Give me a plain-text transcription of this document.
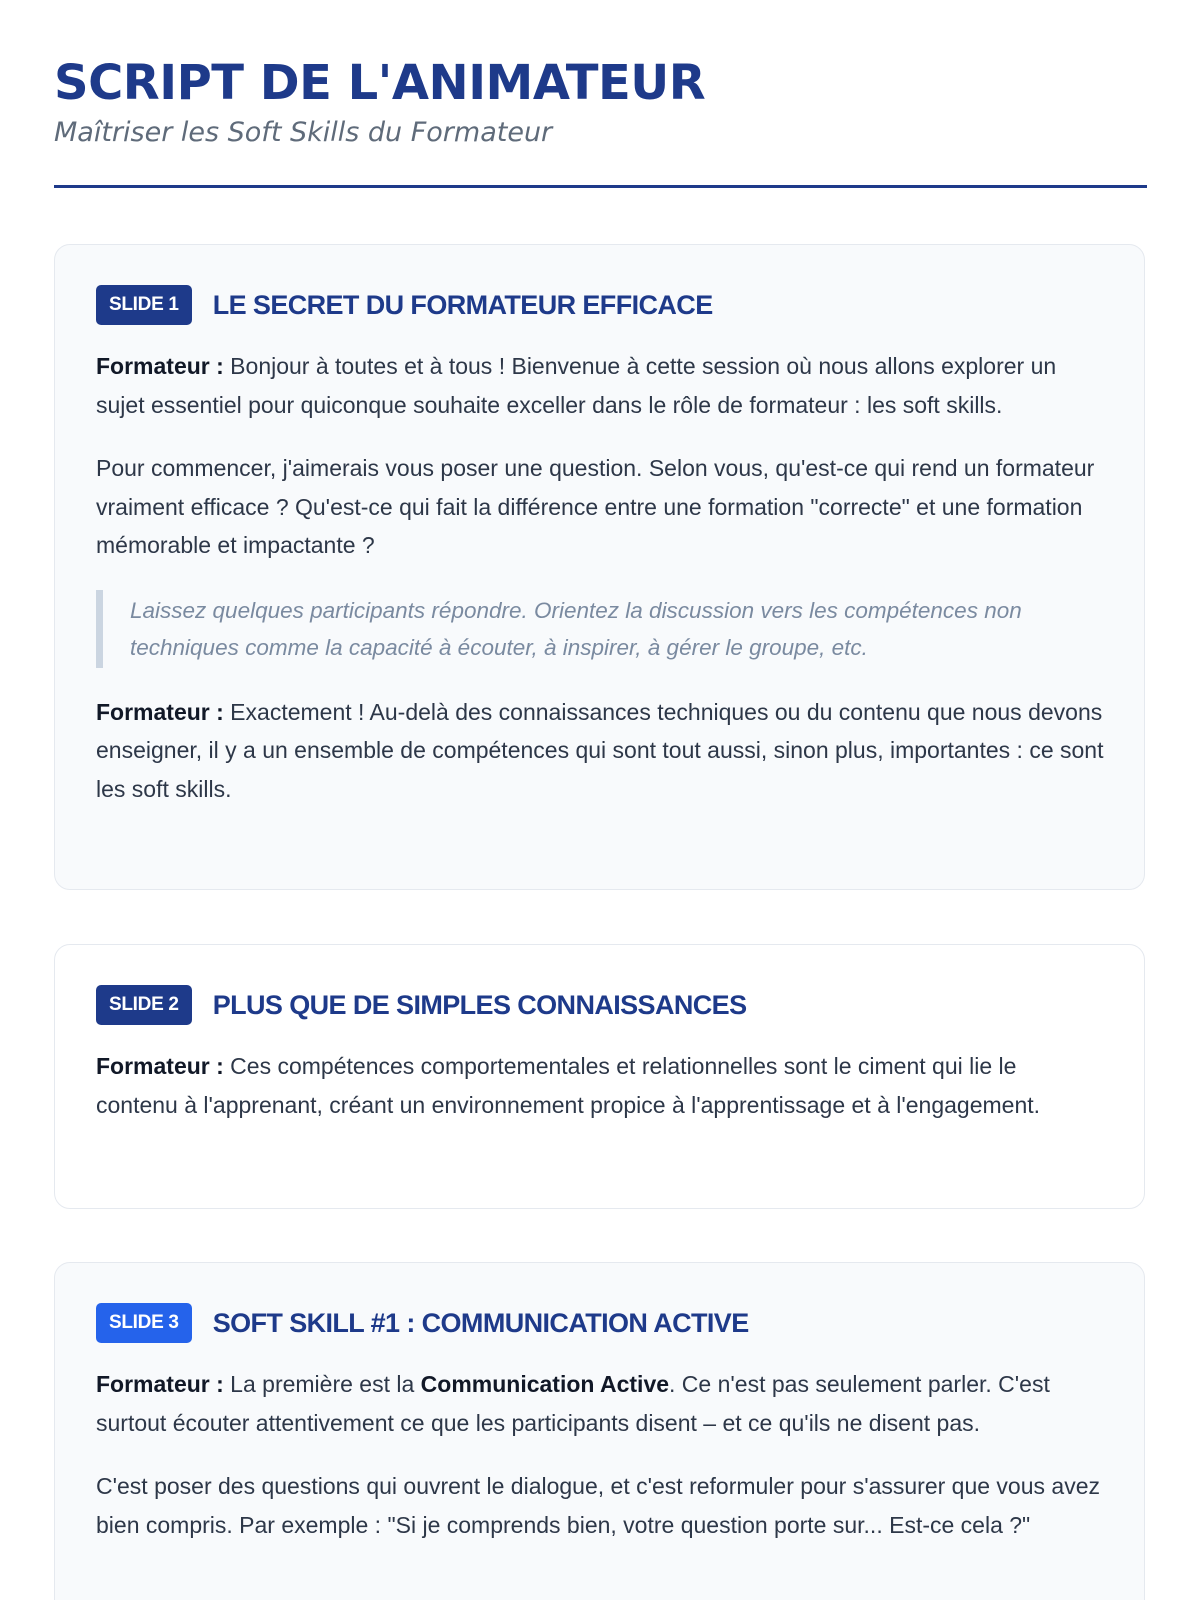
SCRIPT DE L'ANIMATEUR

Maîtriser les Soft Skills du Formateur

SLIDE 1	LE SECRET DU FORMATEUR EFFICACE

Formateur : Bonjour à toutes et à tous ! Bienvenue à cette session où nous allons explorer un sujet essentiel pour quiconque souhaite exceller dans le rôle de formateur : les soft skills.

Pour commencer, j'aimerais vous poser une question. Selon vous, qu'est-ce qui rend un formateur vraiment efficace ? Qu'est-ce qui fait la différence entre une formation "correcte" et une formation mémorable et impactante ?

Laissez quelques participants répondre. Orientez la discussion vers les compétences non techniques comme la capacité à écouter, à inspirer, à gérer le groupe, etc.

Formateur : Exactement ! Au-delà des connaissances techniques ou du contenu que nous devons enseigner, il y a un ensemble de compétences qui sont tout aussi, sinon plus, importantes : ce sont les soft skills.

SLIDE 2	PLUS QUE DE SIMPLES CONNAISSANCES

Formateur : Ces compétences comportementales et relationnelles sont le ciment qui lie le contenu à l'apprenant, créant un environnement propice à l'apprentissage et à l'engagement.

SLIDE 3	SOFT SKILL #1 : COMMUNICATION ACTIVE

Formateur : La première est la Communication Active. Ce n'est pas seulement parler. C'est surtout écouter attentivement ce que les participants disent – et ce qu'ils ne disent pas.

C'est poser des questions qui ouvrent le dialogue, et c'est reformuler pour s'assurer que vous avez bien compris. Par exemple : "Si je comprends bien, votre question porte sur... Est-ce cela ?"
